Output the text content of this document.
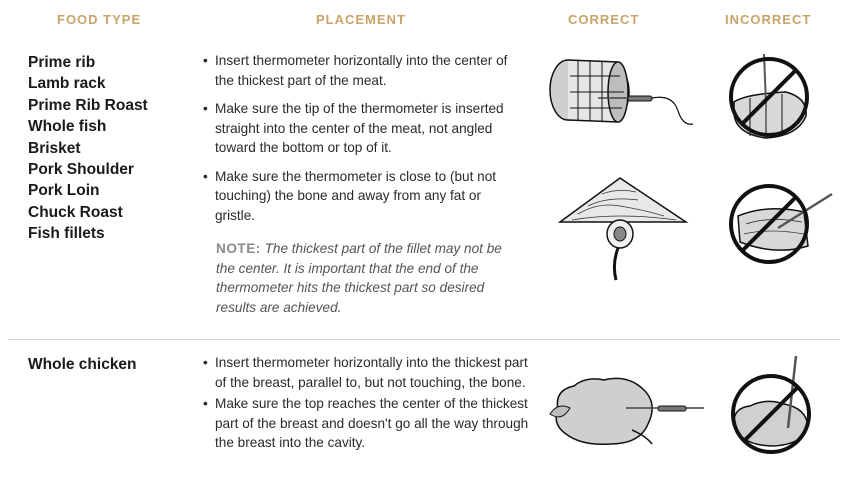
FOOD TYPE	PLACEMENT	CORRECT	INCORRECT
Prime rib
Lamb rack
Prime Rib Roast
Whole fish
Brisket
Pork Shoulder
Pork Loin
Chuck Roast
Fish fillets
• Insert thermometer horizontally into the center of the thickest part of the meat.
• Make sure the tip of the thermometer is inserted straight into the center of the meat, not angled toward the bottom or top of it.
• Make sure the thermometer is close to (but not touching) the bone and away from any fat or gristle.
NOTE: The thickest part of the fillet may not be the center. It is important that the end of the thermometer hits the thickest part so desired results are achieved.
Whole chicken
•	Insert thermometer horizontally into the thickest part of the breast, parallel to, but not touching, the bone.
• Make sure the top reaches the center of the thickest part of the breast and doesn't go all the way through the breast into the cavity.
